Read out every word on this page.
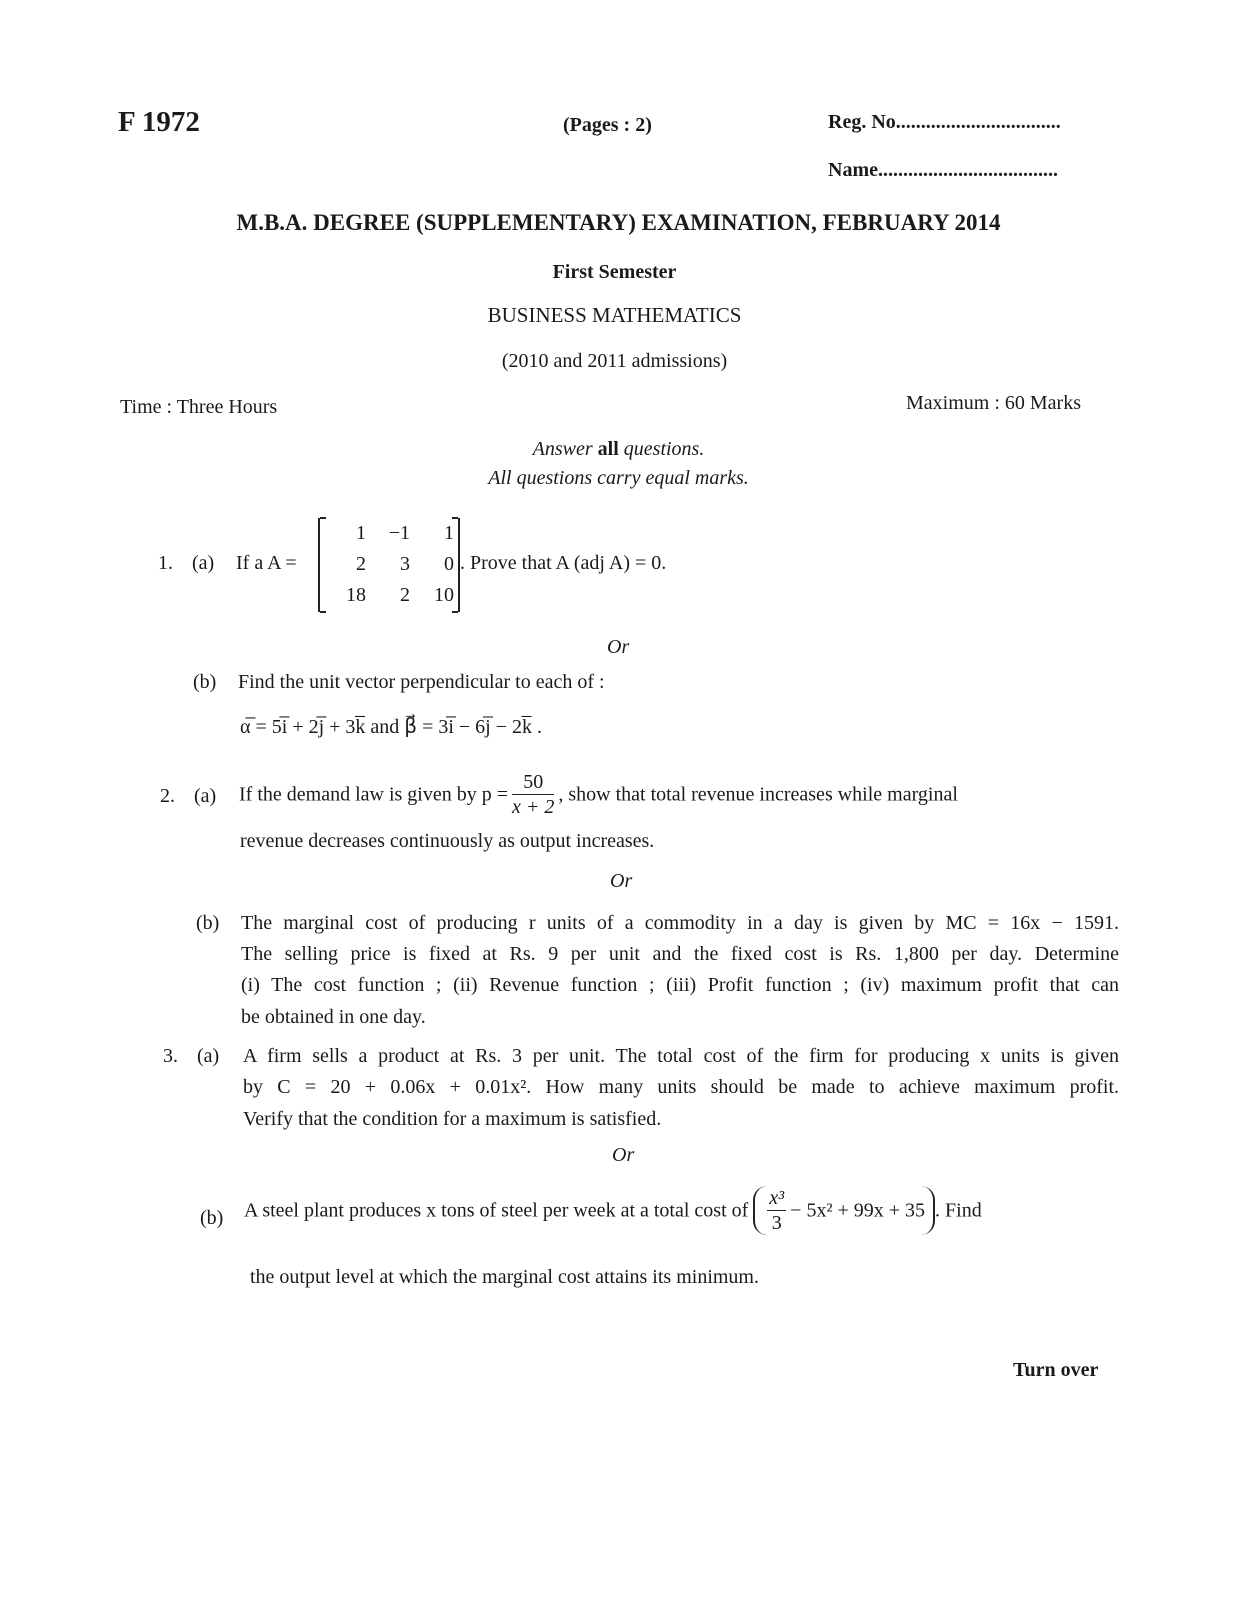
F 1972	(Pages : 2)	Reg. No.................................
Name....................................
M.B.A. DEGREE (SUPPLEMENTARY) EXAMINATION, FEBRUARY 2014
First Semester
BUSINESS MATHEMATICS
(2010 and 2011 admissions)
Time : Three Hours	Maximum : 60 Marks
Answer all questions.
All questions carry equal marks.
1. (a) If a A =
1	−1	1
2	3	0
18	2	10
. Prove that A (adj A) = 0.
Or
(b) Find the unit vector perpendicular to each of :
α̅ = 5i̅ + 2j̅ + 3k̅ and β⃗ = 3i̅ − 6j̅ − 2k̅ .
2. (a) If the demand law is given by $p = \frac{50}{x + 2}$ , show that total revenue increases while marginal
revenue decreases continuously as output increases.
Or
(b) The marginal cost of producing r units of a commodity in a day is given by MC = 16x − 1591.
The selling price is fixed at Rs. 9 per unit and the fixed cost is Rs. 1,800 per day. Determine
(i) The cost function ; (ii) Revenue function ; (iii) Profit function ; (iv) maximum profit that can
be obtained in one day.
3. (a) A firm sells a product at Rs. 3 per unit. The total cost of the firm for producing x units is given
by C = 20 + 0.06x + 0.01x². How many units should be made to achieve maximum profit.
Verify that the condition for a maximum is satisfied.
Or
(b) A steel plant produces x tons of steel per week at a total cost of $\frac{\text{x³}}{3} - 5x^2 + 99x + 35$ . Find
the output level at which the marginal cost attains its minimum.
Turn over
